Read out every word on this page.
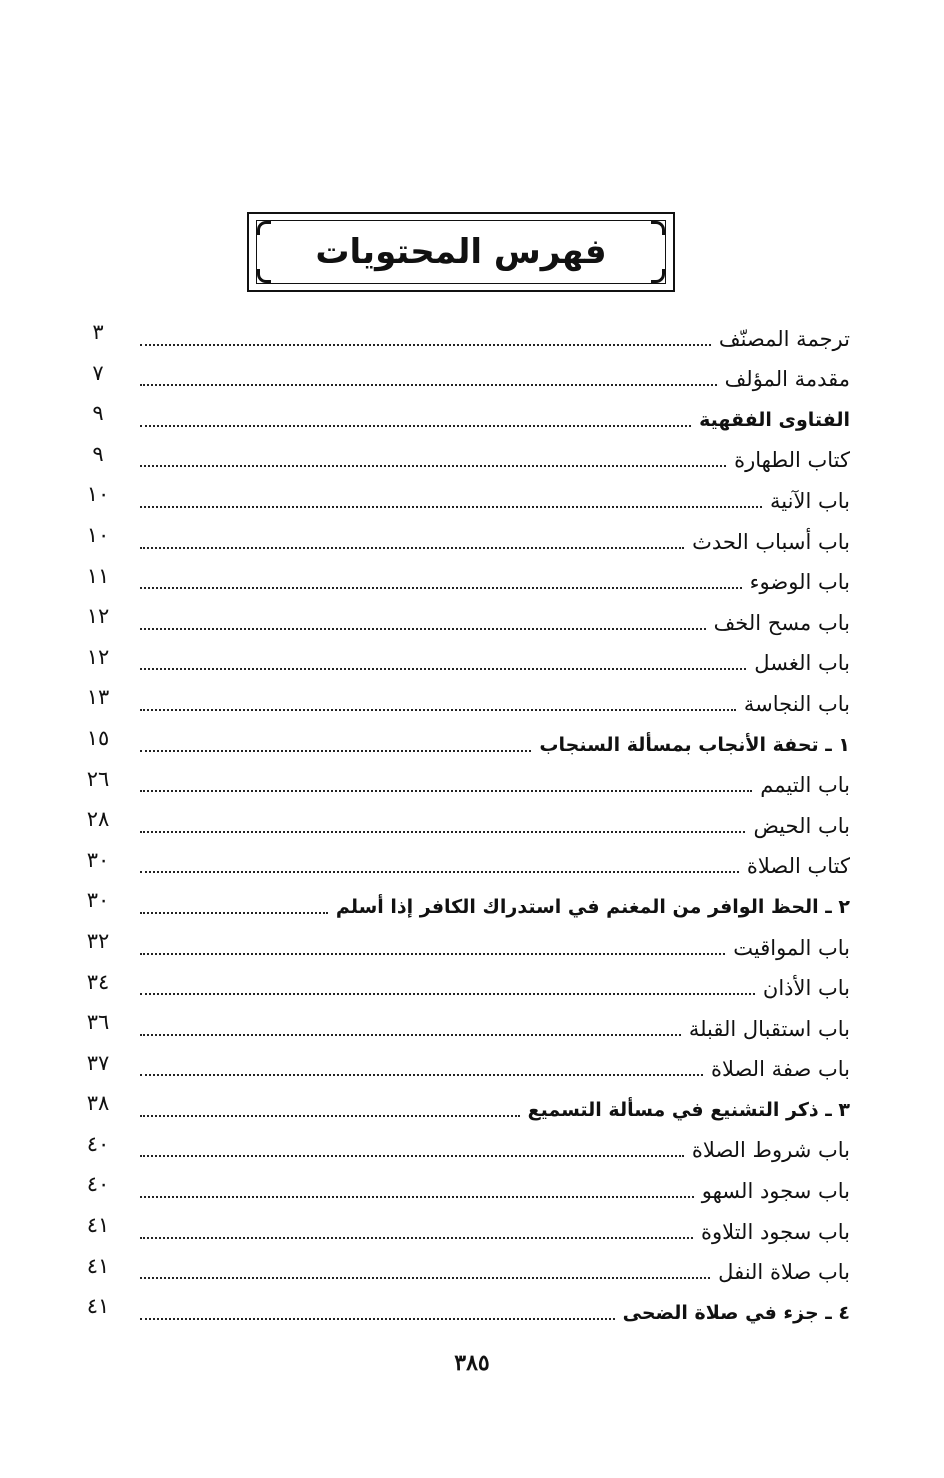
فهرس المحتويات
ترجمة المصنّف
٣
مقدمة المؤلف
٧
الفتاوى الفقهية
٩
كتاب الطهارة
٩
باب الآنية
١٠
باب أسباب الحدث
١٠
باب الوضوء
١١
باب مسح الخف
١٢
باب الغسل
١٢
باب النجاسة
١٣
١ ـ تحفة الأنجاب بمسألة السنجاب
١٥
باب التيمم
٢٦
باب الحيض
٢٨
كتاب الصلاة
٣٠
٢ ـ الحظ الوافر من المغنم في استدراك الكافر إذا أسلم
٣٠
باب المواقيت
٣٢
باب الأذان
٣٤
باب استقبال القبلة
٣٦
باب صفة الصلاة
٣٧
٣ ـ ذكر التشنيع في مسألة التسميع
٣٨
باب شروط الصلاة
٤٠
باب سجود السهو
٤٠
باب سجود التلاوة
٤١
باب صلاة النفل
٤١
٤ ـ جزء في صلاة الضحى
٤١
٣٨٥
